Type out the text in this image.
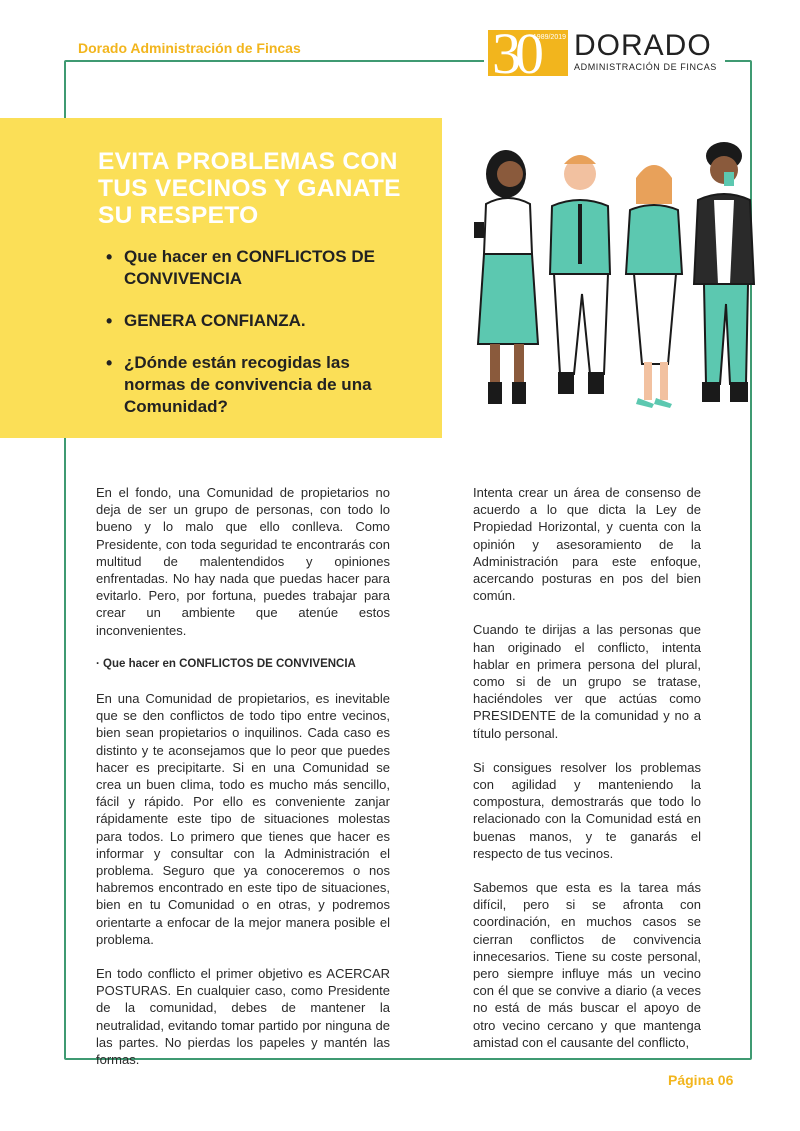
Dorado Administración de Fincas	30
1989/2019 DORADO
ADMINISTRACIÓN DE FINCAS
EVITA PROBLEMAS CON TUS VECINOS Y GANATE SU RESPETO
• Que hacer en CONFLICTOS DE CONVIVENCIA
• GENERA CONFIANZA.
• ¿Dónde están recogidas las normas de convivencia de una Comunidad?

En el fondo, una Comunidad de propietarios no deja de ser un grupo de personas, con todo lo bueno y lo malo que ello conlleva. Como Presidente, con toda seguridad te encontrarás con multitud de malentendidos y opiniones enfrentadas. No hay nada que puedas hacer para evitarlo. Pero, por fortuna, puedes trabajar para crear un ambiente que atenúe estos inconvenientes.

· Que hacer en CONFLICTOS DE CONVIVENCIA

En una Comunidad de propietarios, es inevitable que se den conflictos de todo tipo entre vecinos, bien sean propietarios o inquilinos. Cada caso es distinto y te aconsejamos que lo peor que puedes hacer es precipitarte. Si en una Comunidad se crea un buen clima, todo es mucho más sencillo, fácil y rápido. Por ello es conveniente zanjar rápidamente este tipo de situaciones molestas para todos. Lo primero que tienes que hacer es informar y consultar con la Administración el problema. Seguro que ya conoceremos o nos habremos encontrado en este tipo de situaciones, bien en tu Comunidad o en otras, y podremos orientarte a enfocar de la mejor manera posible el problema.

En todo conflicto el primer objetivo es ACERCAR POSTURAS. En cualquier caso, como Presidente de la comunidad, debes de mantener la neutralidad, evitando tomar partido por ninguna de las partes. No pierdas los papeles y mantén las formas.

Intenta crear un área de consenso de acuerdo a lo que dicta la Ley de Propiedad Horizontal, y cuenta con la opinión y asesoramiento de la Administración para este enfoque, acercando posturas en pos del bien común.

Cuando te dirijas a las personas que han originado el conflicto, intenta hablar en primera persona del plural, como si de un grupo se tratase, haciéndoles ver que actúas como PRESIDENTE de la comunidad y no a título personal.

Si consigues resolver los problemas con agilidad y manteniendo la compostura, demostrarás que todo lo relacionado con la Comunidad está en buenas manos, y te ganarás el respecto de tus vecinos.

Sabemos que esta es la tarea más difícil, pero si se afronta con coordinación, en muchos casos se cierran conflictos de convivencia innecesarios. Tiene su coste personal, pero siempre influye más un vecino con él que se convive a diario (a veces no está de más buscar el apoyo de otro vecino cercano y que mantenga amistad con el causante del conflicto,

Página 06
